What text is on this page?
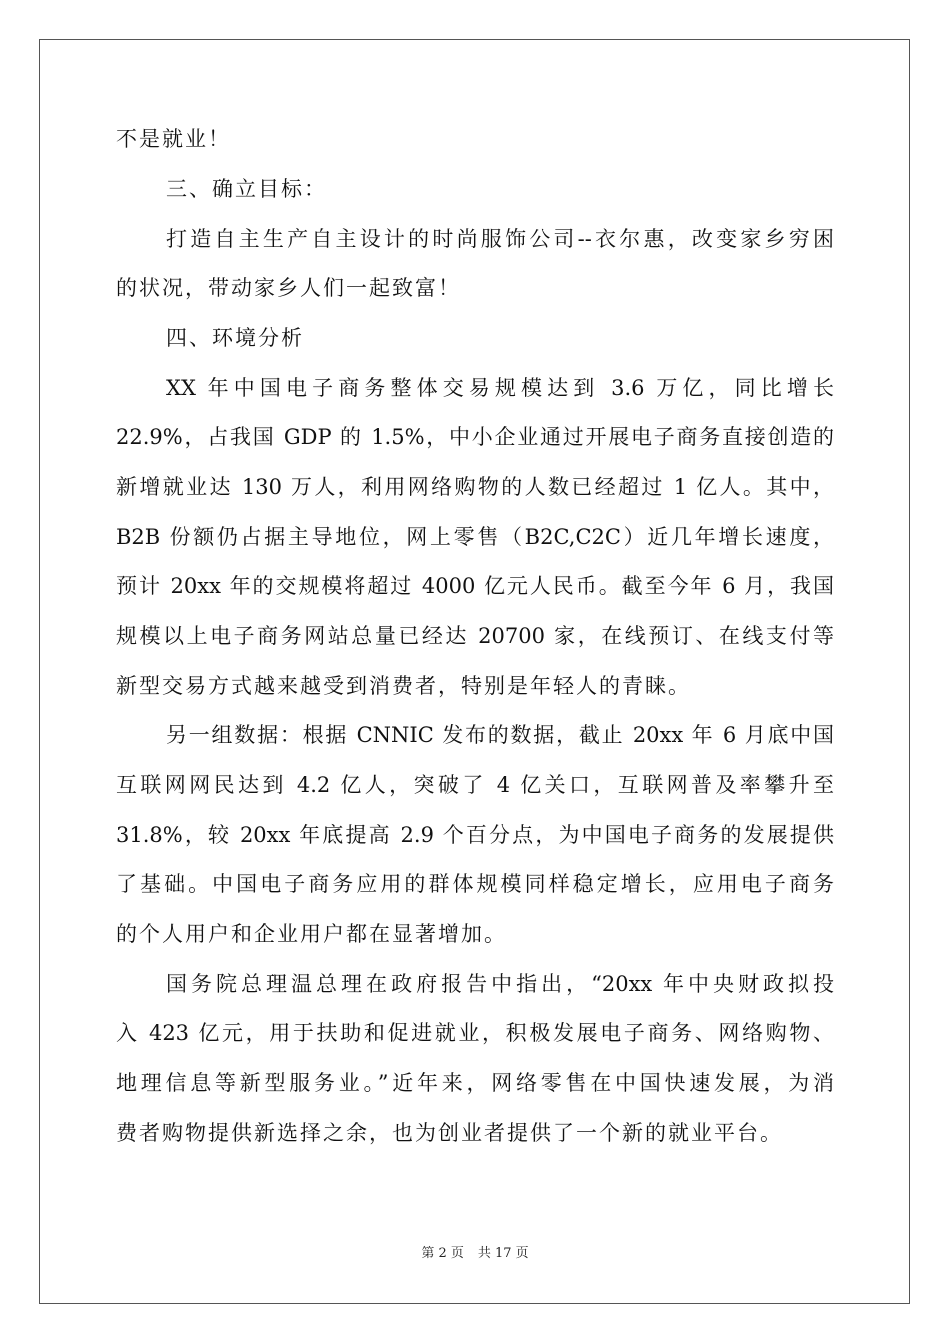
不是就业！
三、确立目标：
打造自主生产自主设计的时尚服饰公司--衣尔惠，改变家乡穷困
的状况，带动家乡人们一起致富！
四、环境分析
XX 年中国电子商务整体交易规模达到 3.6 万亿，同比增长
22.9%，占我国 GDP 的 1.5%，中小企业通过开展电子商务直接创造的
新增就业达 130 万人，利用网络购物的人数已经超过 1 亿人。其中，
B2B 份额仍占据主导地位，网上零售（B2C,C2C）近几年增长速度，
预计 20xx 年的交规模将超过 4000 亿元人民币。截至今年 6 月，我国
规模以上电子商务网站总量已经达 20700 家，在线预订、在线支付等
新型交易方式越来越受到消费者，特别是年轻人的青睐。
另一组数据：根据 CNNIC 发布的数据，截止 20xx 年 6 月底中国
互联网网民达到 4.2 亿人，突破了 4 亿关口，互联网普及率攀升至
31.8%，较 20xx 年底提高 2.9 个百分点，为中国电子商务的发展提供
了基础。中国电子商务应用的群体规模同样稳定增长，应用电子商务
的个人用户和企业用户都在显著增加。
国务院总理温总理在政府报告中指出，“20xx 年中央财政拟投
入 423 亿元，用于扶助和促进就业，积极发展电子商务、网络购物、
地理信息等新型服务业。”近年来，网络零售在中国快速发展，为消
费者购物提供新选择之余，也为创业者提供了一个新的就业平台。
第 2 页 共 17 页
